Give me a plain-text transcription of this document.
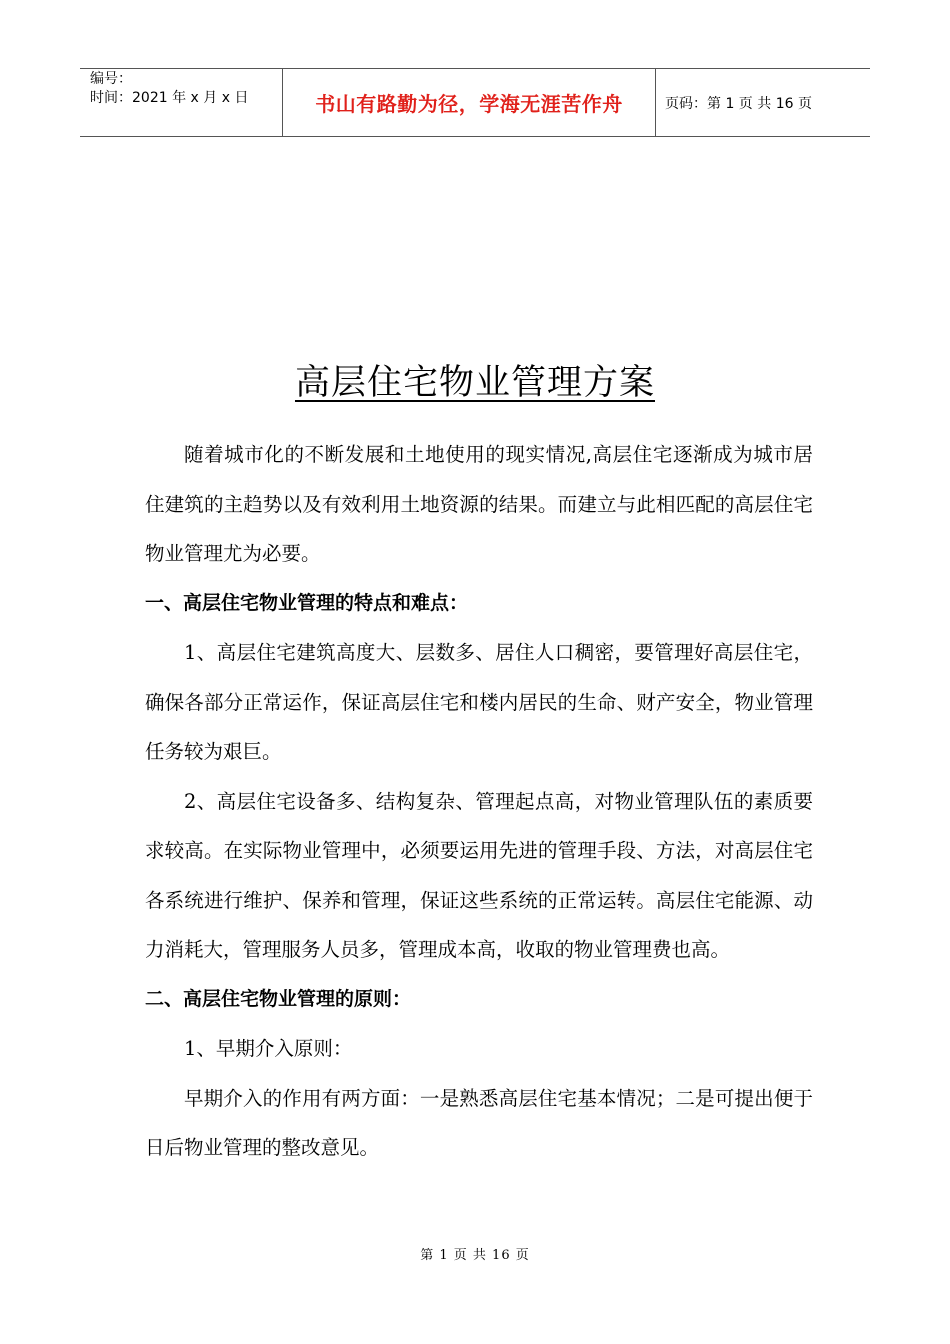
编号：
时间：2021 年 x 月 x 日	书山有路勤为径，学海无涯苦作舟	页码：第 1 页 共 16 页
高层住宅物业管理方案

随着城市化的不断发展和土地使用的现实情况,高层住宅逐渐成为城市居住建筑的主趋势以及有效利用土地资源的结果。而建立与此相匹配的高层住宅物业管理尤为必要。

一、高层住宅物业管理的特点和难点：

1、高层住宅建筑高度大、层数多、居住人口稠密，要管理好高层住宅，确保各部分正常运作，保证高层住宅和楼内居民的生命、财产安全，物业管理任务较为艰巨。

2、高层住宅设备多、结构复杂、管理起点高，对物业管理队伍的素质要求较高。在实际物业管理中，必须要运用先进的管理手段、方法，对高层住宅各系统进行维护、保养和管理，保证这些系统的正常运转。高层住宅能源、动力消耗大，管理服务人员多，管理成本高，收取的物业管理费也高。

二、高层住宅物业管理的原则：

1、早期介入原则：

早期介入的作用有两方面：一是熟悉高层住宅基本情况；二是可提出便于日后物业管理的整改意见。

第 1 页 共 16 页
